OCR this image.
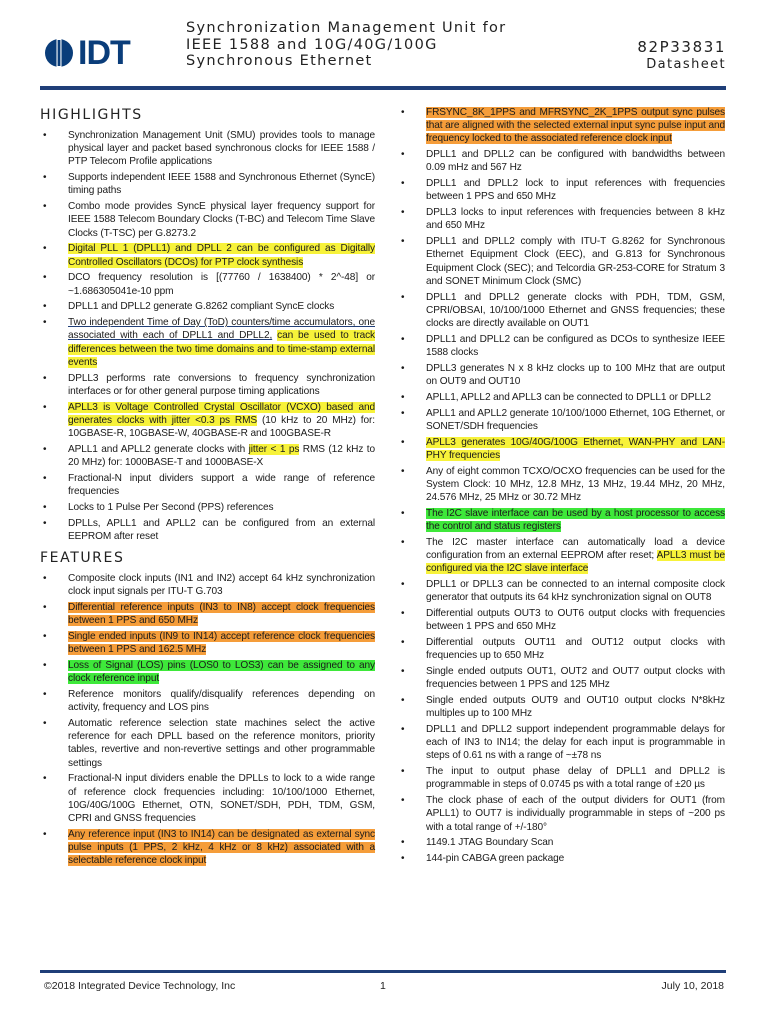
IDT
Synchronization Management Unit for
IEEE 1588 and 10G/40G/100G
Synchronous Ethernet
82P33831
Datasheet
HIGHLIGHTS
• Synchronization Management Unit (SMU) provides tools to manage physical layer and packet based synchronous clocks for IEEE 1588 / PTP Telecom Profile applications
• Supports independent IEEE 1588 and Synchronous Ethernet (SyncE) timing paths
• Combo mode provides SyncE physical layer frequency support for IEEE 1588 Telecom Boundary Clocks (T-BC) and Telecom Time Slave Clocks (T-TSC) per G.8273.2
• Digital PLL 1 (DPLL1) and DPLL 2 can be configured as Digitally Controlled Oscillators (DCOs) for PTP clock synthesis
• DCO frequency resolution is [(77760 / 1638400) * 2^-48] or ~1.686305041e-10 ppm
• DPLL1 and DPLL2 generate G.8262 compliant SyncE clocks
• Two independent Time of Day (ToD) counters/time accumulators, one associated with each of DPLL1 and DPLL2, can be used to track differences between the two time domains and to time-stamp external events
• DPLL3 performs rate conversions to frequency synchronization interfaces or for other general purpose timing applications
• APLL3 is Voltage Controlled Crystal Oscillator (VCXO) based and generates clocks with jitter <0.3 ps RMS (10 kHz to 20 MHz) for: 10GBASE-R, 10GBASE-W, 40GBASE-R and 100GBASE-R
• APLL1 and APLL2 generate clocks with jitter < 1 ps RMS (12 kHz to 20 MHz) for: 1000BASE-T and 1000BASE-X
• Fractional-N input dividers support a wide range of reference frequencies
• Locks to 1 Pulse Per Second (PPS) references
• DPLLs, APLL1 and APLL2 can be configured from an external EEPROM after reset
FEATURES
• Composite clock inputs (IN1 and IN2) accept 64 kHz synchronization clock input signals per ITU-T G.703
• Differential reference inputs (IN3 to IN8) accept clock frequencies between 1 PPS and 650 MHz
• Single ended inputs (IN9 to IN14) accept reference clock frequencies between 1 PPS and 162.5 MHz
• Loss of Signal (LOS) pins (LOS0 to LOS3) can be assigned to any clock reference input
• Reference monitors qualify/disqualify references depending on activity, frequency and LOS pins
• Automatic reference selection state machines select the active reference for each DPLL based on the reference monitors, priority tables, revertive and non-revertive settings and other programmable settings
• Fractional-N input dividers enable the DPLLs to lock to a wide range of reference clock frequencies including: 10/100/1000 Ethernet, 10G/40G/100G Ethernet, OTN, SONET/SDH, PDH, TDM, GSM, CPRI and GNSS frequencies
• Any reference input (IN3 to IN14) can be designated as external sync pulse inputs (1 PPS, 2 kHz, 4 kHz or 8 kHz) associated with a selectable reference clock input
• FRSYNC_8K_1PPS and MFRSYNC_2K_1PPS output sync pulses that are aligned with the selected external input sync pulse input and frequency locked to the associated reference clock input
• DPLL1 and DPLL2 can be configured with bandwidths between 0.09 mHz and 567 Hz
• DPLL1 and DPLL2 lock to input references with frequencies between 1 PPS and 650 MHz
• DPLL3 locks to input references with frequencies between 8 kHz and 650 MHz
• DPLL1 and DPLL2 comply with ITU-T G.8262 for Synchronous Ethernet Equipment Clock (EEC), and G.813 for Synchronous Equipment Clock (SEC); and Telcordia GR-253-CORE for Stratum 3 and SONET Minimum Clock (SMC)
• DPLL1 and DPLL2 generate clocks with PDH, TDM, GSM, CPRI/OBSAI, 10/100/1000 Ethernet and GNSS frequencies; these clocks are directly available on OUT1
• DPLL1 and DPLL2 can be configured as DCOs to synthesize IEEE 1588 clocks
• DPLL3 generates N x 8 kHz clocks up to 100 MHz that are output on OUT9 and OUT10
• APLL1, APLL2 and APLL3 can be connected to DPLL1 or DPLL2
• APLL1 and APLL2 generate 10/100/1000 Ethernet, 10G Ethernet, or SONET/SDH frequencies
• APLL3 generates 10G/40G/100G Ethernet, WAN-PHY and LAN-PHY frequencies
• Any of eight common TCXO/OCXO frequencies can be used for the System Clock: 10 MHz, 12.8 MHz, 13 MHz, 19.44 MHz, 20 MHz, 24.576 MHz, 25 MHz or 30.72 MHz
• The I2C slave interface can be used by a host processor to access the control and status registers
• The I2C master interface can automatically load a device configuration from an external EEPROM after reset; APLL3 must be configured via the I2C slave interface
• DPLL1 or DPLL3 can be connected to an internal composite clock generator that outputs its 64 kHz synchronization signal on OUT8
• Differential outputs OUT3 to OUT6 output clocks with frequencies between 1 PPS and 650 MHz
• Differential outputs OUT11 and OUT12 output clocks with frequencies up to 650 MHz
• Single ended outputs OUT1, OUT2 and OUT7 output clocks with frequencies between 1 PPS and 125 MHz
• Single ended outputs OUT9 and OUT10 output clocks N*8kHz multiples up to 100 MHz
• DPLL1 and DPLL2 support independent programmable delays for each of IN3 to IN14; the delay for each input is programmable in steps of 0.61 ns with a range of ~±78 ns
• The input to output phase delay of DPLL1 and DPLL2 is programmable in steps of 0.0745 ps with a total range of ±20 µs
• The clock phase of each of the output dividers for OUT1 (from APLL1) to OUT7 is individually programmable in steps of ~200 ps with a total range of +/-180°
• 1149.1 JTAG Boundary Scan
• 144-pin CABGA green package
©2018 Integrated Device Technology, Inc	1	July 10, 2018
